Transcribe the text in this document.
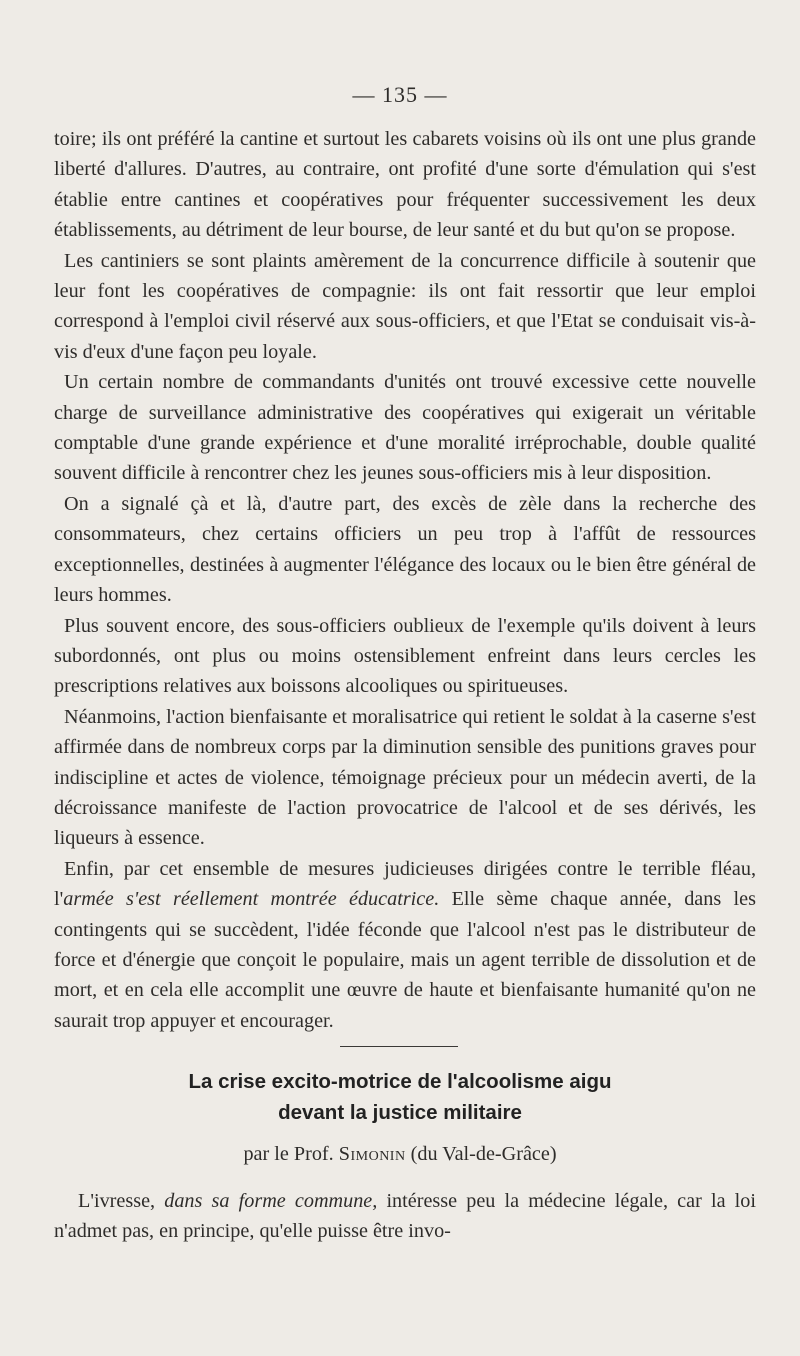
— 135 —

toire; ils ont préféré la cantine et surtout les cabarets voisins où ils ont une plus grande liberté d'allures. D'autres, au contraire, ont profité d'une sorte d'émulation qui s'est établie entre cantines et coopératives pour fréquenter successivement les deux établissements, au détriment de leur bourse, de leur santé et du but qu'on se propose.

Les cantiniers se sont plaints amèrement de la concurrence difficile à soutenir que leur font les coopératives de compagnie: ils ont fait ressortir que leur emploi correspond à l'emploi civil réservé aux sous-officiers, et que l'Etat se conduisait vis-à-vis d'eux d'une façon peu loyale.

Un certain nombre de commandants d'unités ont trouvé excessive cette nouvelle charge de surveillance administrative des coopératives qui exigerait un véritable comptable d'une grande expérience et d'une moralité irréprochable, double qualité souvent difficile à rencontrer chez les jeunes sous-officiers mis à leur disposition.

On a signalé çà et là, d'autre part, des excès de zèle dans la recherche des consommateurs, chez certains officiers un peu trop à l'affût de ressources exceptionnelles, destinées à augmenter l'élégance des locaux ou le bien être général de leurs hommes.

Plus souvent encore, des sous-officiers oublieux de l'exemple qu'ils doivent à leurs subordonnés, ont plus ou moins ostensiblement enfreint dans leurs cercles les prescriptions relatives aux boissons alcooliques ou spiritueuses.

Néanmoins, l'action bienfaisante et moralisatrice qui retient le soldat à la caserne s'est affirmée dans de nombreux corps par la diminution sensible des punitions graves pour indiscipline et actes de violence, témoignage précieux pour un médecin averti, de la décroissance manifeste de l'action provocatrice de l'alcool et de ses dérivés, les liqueurs à essence.

Enfin, par cet ensemble de mesures judicieuses dirigées contre le terrible fléau, l'armée s'est réellement montrée éducatrice. Elle sème chaque année, dans les contingents qui se succèdent, l'idée féconde que l'alcool n'est pas le distributeur de force et d'énergie que conçoit le populaire, mais un agent terrible de dissolution et de mort, et en cela elle accomplit une œuvre de haute et bienfaisante humanité qu'on ne saurait trop appuyer et encourager.

La crise excito-motrice de l'alcoolisme aigu
devant la justice militaire
par le Prof. Simonin (du Val-de-Grâce)

L'ivresse, dans sa forme commune, intéresse peu la médecine légale, car la loi n'admet pas, en principe, qu'elle puisse être invo-
